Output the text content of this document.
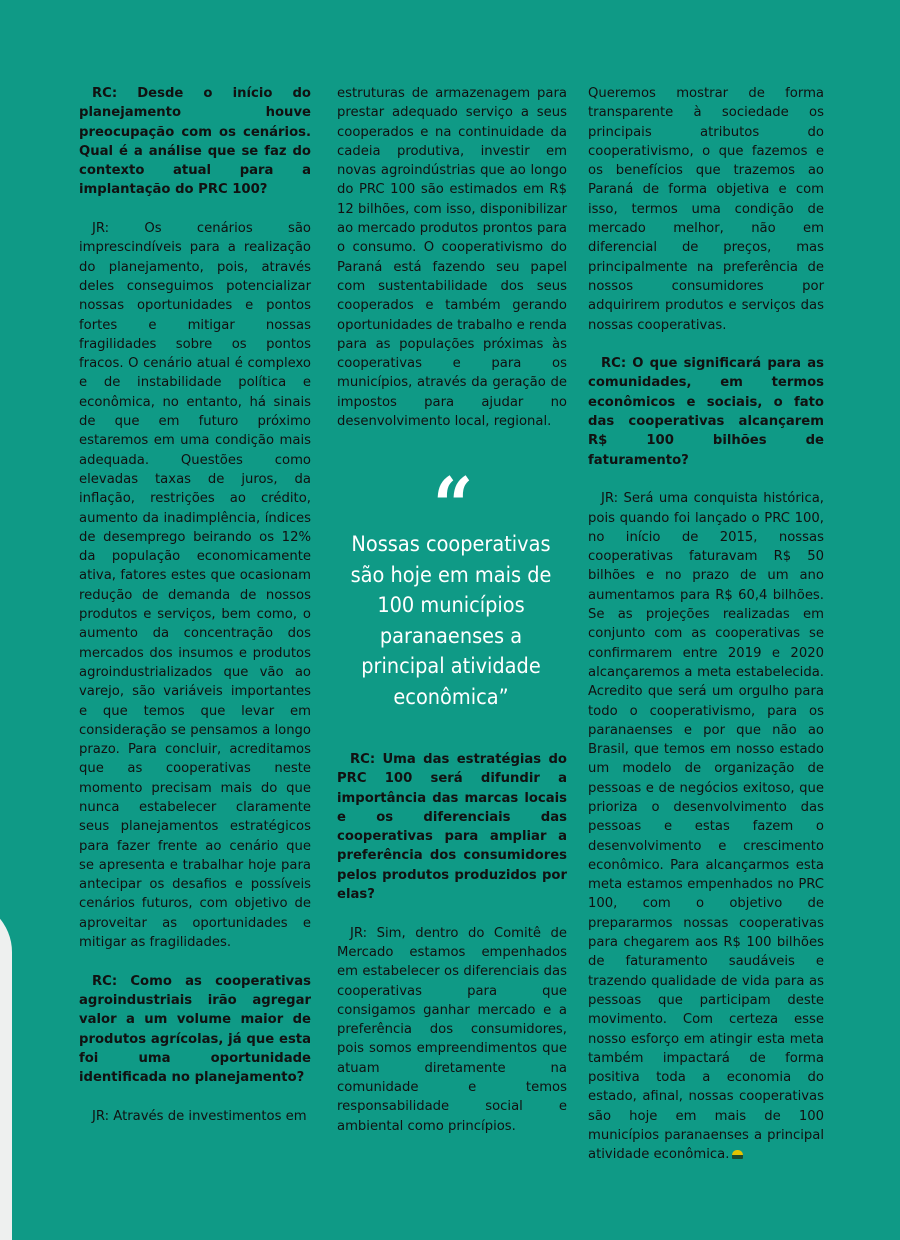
RC: Desde o início do planejamento houve preocupação com os cenários. Qual é a análise que se faz do contexto atual para a implantação do PRC 100?

JR: Os cenários são imprescindíveis para a realização do planejamento, pois, através deles conseguimos potencializar nossas oportunidades e pontos fortes e mitigar nossas fragilidades sobre os pontos fracos. O cenário atual é complexo e de instabilidade política e econômica, no entanto, há sinais de que em futuro próximo estaremos em uma condição mais adequada. Questões como elevadas taxas de juros, da inflação, restrições ao crédito, aumento da inadimplência, índices de desemprego beirando os 12% da população economicamente ativa, fatores estes que ocasionam redução de demanda de nossos produtos e serviços, bem como, o aumento da concentração dos mercados dos insumos e produtos agroindustrializados que vão ao varejo, são variáveis importantes e que temos que levar em consideração se pensamos a longo prazo. Para concluir, acreditamos que as cooperativas neste momento precisam mais do que nunca estabelecer claramente seus planejamentos estratégicos para fazer frente ao cenário que se apresenta e trabalhar hoje para antecipar os desafios e possíveis cenários futuros, com objetivo de aproveitar as oportunidades e mitigar as fragilidades.

RC: Como as cooperativas agroindustriais irão agregar valor a um volume maior de produtos agrícolas, já que esta foi uma oportunidade identificada no planejamento?

JR: Através de investimentos em

estruturas de armazenagem para prestar adequado serviço a seus cooperados e na continuidade da cadeia produtiva, investir em novas agroindústrias que ao longo do PRC 100 são estimados em R$ 12 bilhões, com isso, disponibilizar ao mercado produtos prontos para o consumo. O cooperativismo do Paraná está fazendo seu papel com sustentabilidade dos seus cooperados e também gerando oportunidades de trabalho e renda para as populações próximas às cooperativas e para os municípios, através da geração de impostos para ajudar no desenvolvimento local, regional.

“
Nossas cooperativas são hoje em mais de 100 municípios paranaenses a principal atividade econômica”

RC: Uma das estratégias do PRC 100 será difundir a importância das marcas locais e os diferenciais das cooperativas para ampliar a preferência dos consumidores pelos produtos produzidos por elas?

JR: Sim, dentro do Comitê de Mercado estamos empenhados em estabelecer os diferenciais das cooperativas para que consigamos ganhar mercado e a preferência dos consumidores, pois somos empreendimentos que atuam diretamente na comunidade e temos responsabilidade social e ambiental como princípios.

Queremos mostrar de forma transparente à sociedade os principais atributos do cooperativismo, o que fazemos e os benefícios que trazemos ao Paraná de forma objetiva e com isso, termos uma condição de mercado melhor, não em diferencial de preços, mas principalmente na preferência de nossos consumidores por adquirirem produtos e serviços das nossas cooperativas.

RC: O que significará para as comunidades, em termos econômicos e sociais, o fato das cooperativas alcançarem R$ 100 bilhões de faturamento?

JR: Será uma conquista histórica, pois quando foi lançado o PRC 100, no início de 2015, nossas cooperativas faturavam R$ 50 bilhões e no prazo de um ano aumentamos para R$ 60,4 bilhões. Se as projeções realizadas em conjunto com as cooperativas se confirmarem entre 2019 e 2020 alcançaremos a meta estabelecida. Acredito que será um orgulho para todo o cooperativismo, para os paranaenses e por que não ao Brasil, que temos em nosso estado um modelo de organização de pessoas e de negócios exitoso, que prioriza o desenvolvimento das pessoas e estas fazem o desenvolvimento e crescimento econômico. Para alcançarmos esta meta estamos empenhados no PRC 100, com o objetivo de prepararmos nossas cooperativas para chegarem aos R$ 100 bilhões de faturamento saudáveis e trazendo qualidade de vida para as pessoas que participam deste movimento. Com certeza esse nosso esforço em atingir esta meta também impactará de forma positiva toda a economia do estado, afinal, nossas cooperativas são hoje em mais de 100 municípios paranaenses a principal atividade econômica.
